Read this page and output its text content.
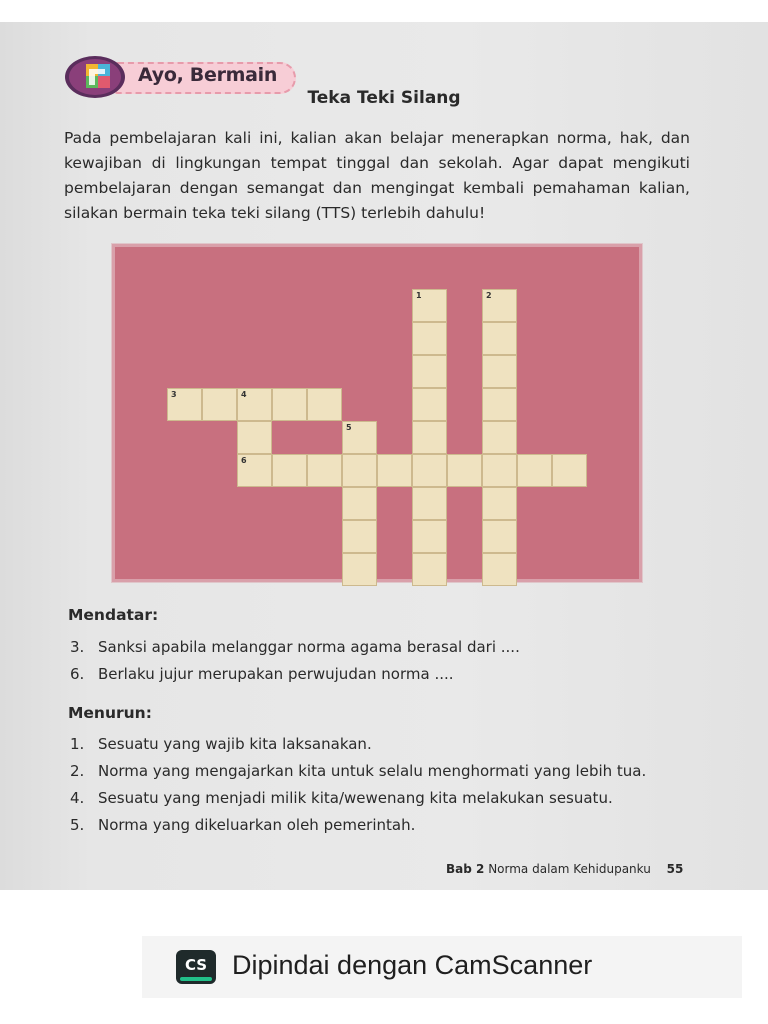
Ayo, Bermain
Teka Teki Silang
Pada pembelajaran kali ini, kalian akan belajar menerapkan norma, hak, dan kewajiban di lingkungan tempat tinggal dan sekolah. Agar dapat mengikuti pembelajaran dengan semangat dan mengingat kembali pemahaman kalian, silakan bermain teka teki silang (TTS) terlebih dahulu!
3	4
6
5
1	2
Mendatar:
3. Sanksi apabila melanggar norma agama berasal dari ....
6. Berlaku jujur merupakan perwujudan norma ....
Menurun:
1. Sesuatu yang wajib kita laksanakan.
2. Norma yang mengajarkan kita untuk selalu menghormati yang lebih tua.
4. Sesuatu yang menjadi milik kita/wewenang kita melakukan sesuatu.
5. Norma yang dikeluarkan oleh pemerintah.
Bab 2 Norma dalam Kehidupanku 55
CS Dipindai dengan CamScanner
